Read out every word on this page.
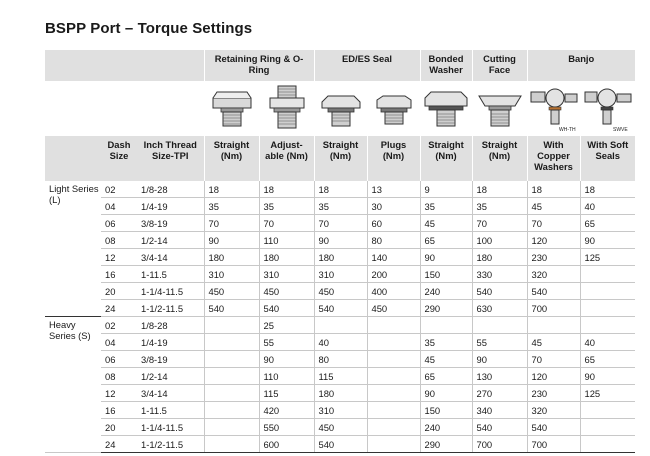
BSPP Port – Torque Settings
			Retaining Ring & O-Ring		ED/ES Seal		Bonded Washer	Cutting Face	Banjo	

WH-TH	SWVE

	Dash Size	Inch Thread Size-TPI	Straight (Nm)	Adjust-able (Nm)	Straight (Nm)	Plugs (Nm)	Straight (Nm)	Straight (Nm)	With Copper Washers	With Soft Seals
Light Series (L)	02	1/8-28	18	18	18	13	9	18	18	18
	04	1/4-19	35	35	35	30	35	35	45	40
	06	3/8-19	70	70	70	60	45	70	70	65
	08	1/2-14	90	110	90	80	65	100	120	90
	12	3/4-14	180	180	180	140	90	180	230	125
	16	1-11.5	310	310	310	200	150	330	320	
	20	1-1/4-11.5	450	450	450	400	240	540	540	
	24	1-1/2-11.5	540	540	540	450	290	630	700	
Heavy Series (S)	02	1/8-28		25						
	04	1/4-19		55	40		35	55	45	40
	06	3/8-19		90	80		45	90	70	65
	08	1/2-14		110	115		65	130	120	90
	12	3/4-14		115	180		90	270	230	125
	16	1-11.5		420	310		150	340	320	
	20	1-1/4-11.5		550	450		240	540	540	
	24	1-1/2-11.5		600	540		290	700	700	
